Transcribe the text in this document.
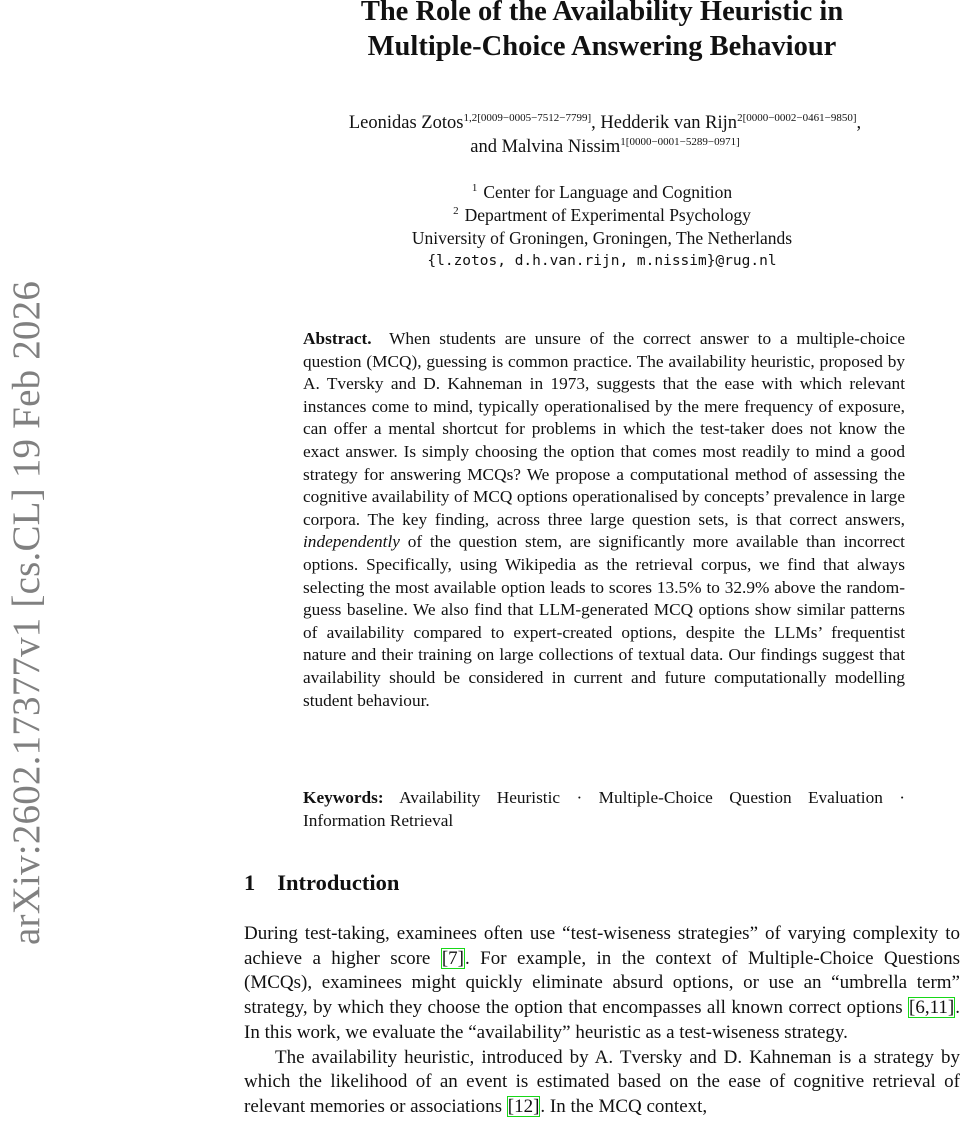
arXiv:2602.17377v1 [cs.CL] 19 Feb 2026
The Role of the Availability Heuristic in
Multiple-Choice Answering Behaviour
Leonidas Zotos$^{1,2[0009-0005-7512-7799]}$, Hedderik van Rijn$^{2[0000-0002-0461-9850]}$,
and Malvina Nissim$^{1[0000-0001-5289-0971]}$
$^1$ Center for Language and Cognition
$^2$ Department of Experimental Psychology
University of Groningen, Groningen, The Netherlands
{l.zotos, d.h.van.rijn, m.nissim}@rug.nl
Abstract. When students are unsure of the correct answer to a multiple-choice question (MCQ), guessing is common practice. The availability heuristic, proposed by A. Tversky and D. Kahneman in 1973, suggests that the ease with which relevant instances come to mind, typically operationalised by the mere frequency of exposure, can offer a mental shortcut for problems in which the test-taker does not know the exact answer. Is simply choosing the option that comes most readily to mind a good strategy for answering MCQs? We propose a computational method of assessing the cognitive availability of MCQ options operationalised by concepts’ prevalence in large corpora. The key finding, across three large question sets, is that correct answers, independently of the question stem, are significantly more available than incorrect options. Specifically, using Wikipedia as the retrieval corpus, we find that always selecting the most available option leads to scores 13.5% to 32.9% above the random-guess baseline. We also find that LLM-generated MCQ options show similar patterns of availability compared to expert-created options, despite the LLMs’ frequentist nature and their training on large collections of textual data. Our findings suggest that availability should be considered in current and future computationally modelling student behaviour.
Keywords: Availability Heuristic · Multiple-Choice Question Evaluation · Information Retrieval
1 Introduction

During test-taking, examinees often use “test-wiseness strategies” of varying complexity to achieve a higher score [7]. For example, in the context of Multiple-Choice Questions (MCQs), examinees might quickly eliminate absurd options, or use an “umbrella term” strategy, by which they choose the option that encompasses all known correct options [6,11]. In this work, we evaluate the “availability” heuristic as a test-wiseness strategy.

The availability heuristic, introduced by A. Tversky and D. Kahneman is a strategy by which the likelihood of an event is estimated based on the ease of cognitive retrieval of relevant memories or associations [12]. In the MCQ context,
